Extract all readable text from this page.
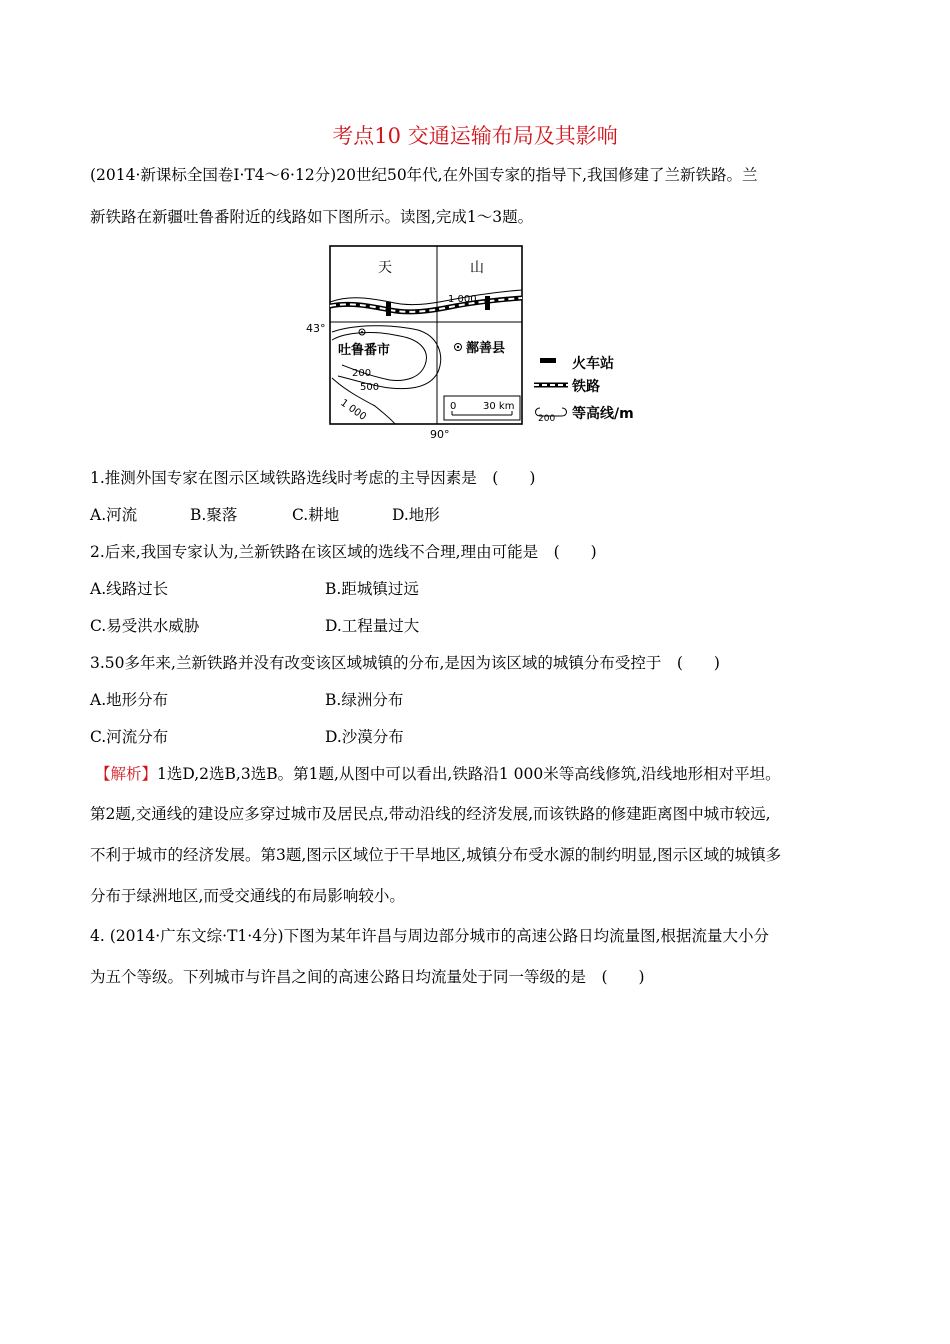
考点10 交通运输布局及其影响
(2014·新课标全国卷Ⅰ·T4～6·12分)20世纪50年代,在外国专家的指导下,我国修建了兰新铁路。兰
新铁路在新疆吐鲁番附近的线路如下图所示。读图,完成1～3题。
天	山
1 000
43°
90°
吐鲁番市	鄯善县
200
500
1 000	0	30 km
火车站
铁路
200 等高线/m
1.推测外国专家在图示区域铁路选线时考虑的主导因素是　(　　)
A.河流	B.聚落	C.耕地	D.地形
2.后来,我国专家认为,兰新铁路在该区域的选线不合理,理由可能是　(　　)
A.线路过长	B.距城镇过远
C.易受洪水威胁	D.工程量过大
3.50多年来,兰新铁路并没有改变该区域城镇的分布,是因为该区域的城镇分布受控于　(　　)
A.地形分布	B.绿洲分布
C.河流分布	D.沙漠分布
【解析】1选D,2选B,3选B。第1题,从图中可以看出,铁路沿1 000米等高线修筑,沿线地形相对平坦。
第2题,交通线的建设应多穿过城市及居民点,带动沿线的经济发展,而该铁路的修建距离图中城市较远,
不利于城市的经济发展。第3题,图示区域位于干旱地区,城镇分布受水源的制约明显,图示区域的城镇多
分布于绿洲地区,而受交通线的布局影响较小。
4. (2014·广东文综·T1·4分)下图为某年许昌与周边部分城市的高速公路日均流量图,根据流量大小分
为五个等级。下列城市与许昌之间的高速公路日均流量处于同一等级的是　(　　)
